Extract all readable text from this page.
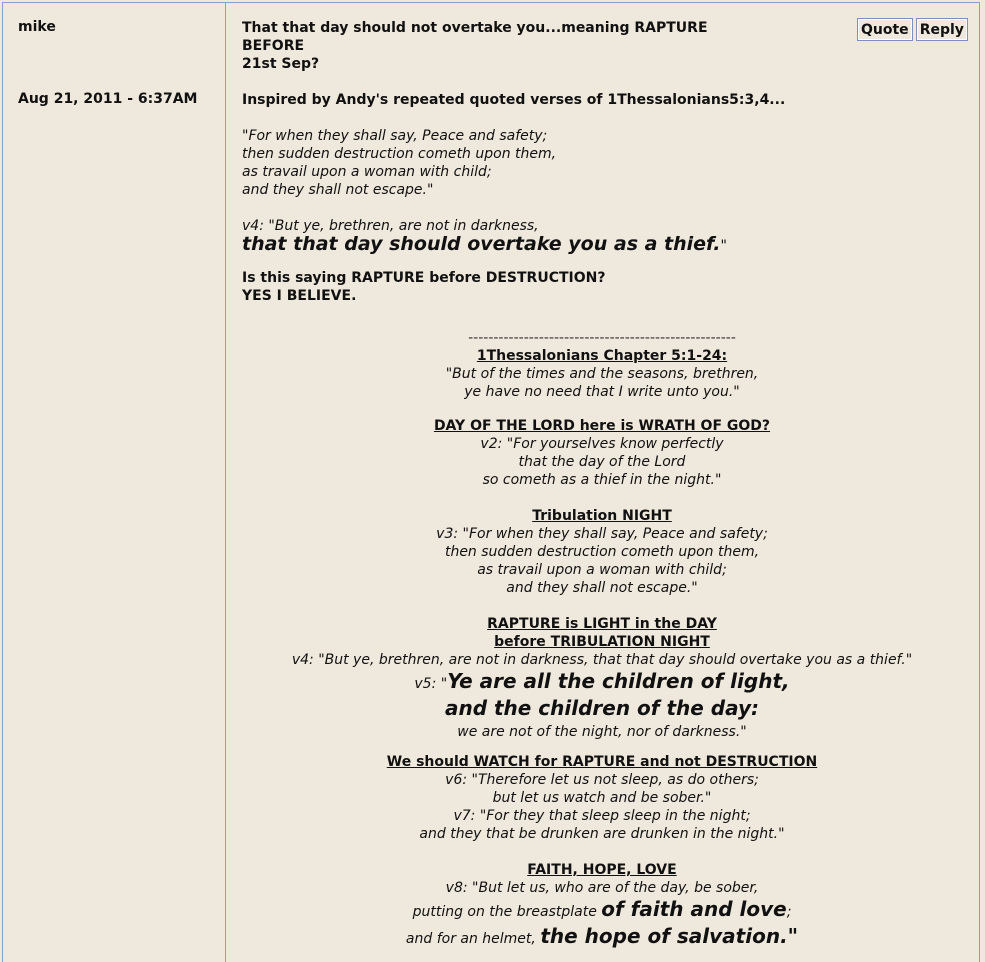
mike
Aug 21, 2011 - 6:37AM
Quote Reply
That that day should not overtake you...meaning RAPTURE BEFORE
21st Sep?

Inspired by Andy's repeated quoted verses of 1Thessalonians5:3,4...

"For when they shall say, Peace and safety;
then sudden destruction cometh upon them,
as travail upon a woman with child;
and they shall not escape."
v4: "But ye, brethren, are not in darkness,
that that day should overtake you as a thief."

Is this saying RAPTURE before DESTRUCTION?

YES I BELIEVE.

-----------------------------------------------------
1Thessalonians Chapter 5:1-24:
"But of the times and the seasons, brethren,
ye have no need that I write unto you."
DAY OF THE LORD here is WRATH OF GOD?
v2: "For yourselves know perfectly
that the day of the Lord
so cometh as a thief in the night."
Tribulation NIGHT
v3: "For when they shall say, Peace and safety;
then sudden destruction cometh upon them,
as travail upon a woman with child;
and they shall not escape."
RAPTURE is LIGHT in the DAY
before TRIBULATION NIGHT
v4: "But ye, brethren, are not in darkness, that that day should overtake you as a thief."
v5: "Ye are all the children of light,
and the children of the day:
we are not of the night, nor of darkness."
We should WATCH for RAPTURE and not DESTRUCTION
v6: "Therefore let us not sleep, as do others;
but let us watch and be sober."
v7: "For they that sleep sleep in the night;
and they that be drunken are drunken in the night."
FAITH, HOPE, LOVE
v8: "But let us, who are of the day, be sober,
putting on the breastplate of faith and love;
and for an helmet, the hope of salvation."
